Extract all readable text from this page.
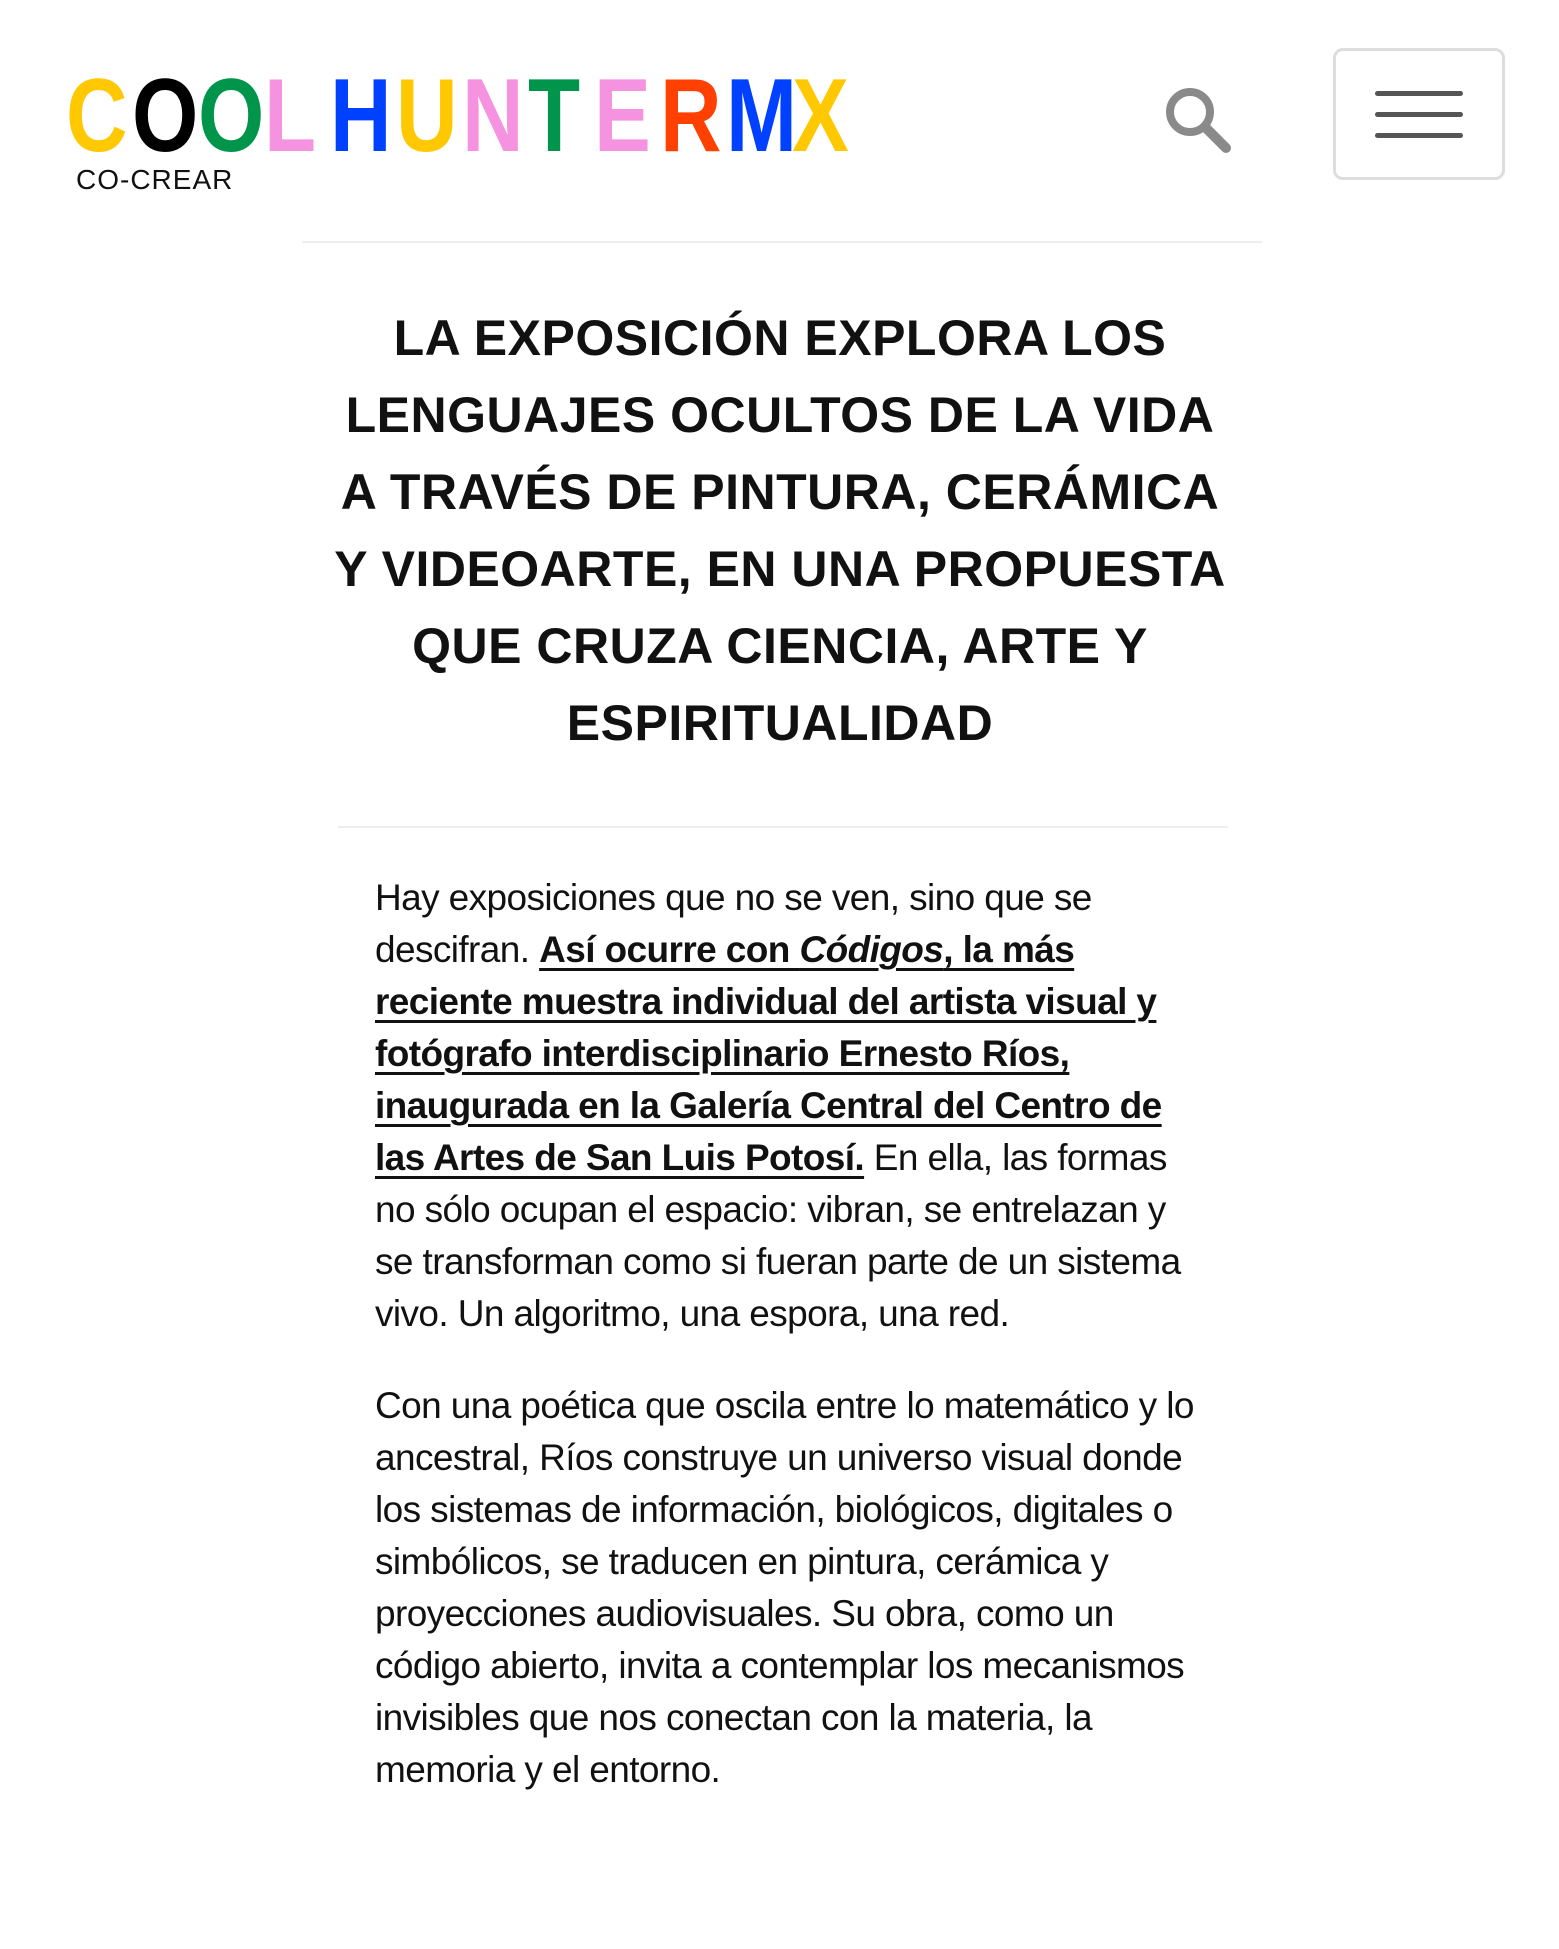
C O O L H U N T E R M
X
CO-CREAR
LA EXPOSICIÓN EXPLORA LOS LENGUAJES OCULTOS DE LA VIDA A TRAVÉS DE PINTURA, CERÁMICA Y VIDEOARTE, EN UNA PROPUESTA QUE CRUZA CIENCIA, ARTE Y ESPIRITUALIDAD

Hay exposiciones que no se ven, sino que se descifran. Así ocurre con Códigos, la más reciente muestra individual del artista visual y fotógrafo interdisciplinario Ernesto Ríos, inaugurada en la Galería Central del Centro de las Artes de San Luis Potosí. En ella, las formas no sólo ocupan el espacio: vibran, se entrelazan y se transforman como si fueran parte de un sistema vivo. Un algoritmo, una espora, una red.

Con una poética que oscila entre lo matemático y lo ancestral, Ríos construye un universo visual donde los sistemas de información, biológicos, digitales o simbólicos, se traducen en pintura, cerámica y proyecciones audiovisuales. Su obra, como un código abierto, invita a contemplar los mecanismos invisibles que nos conectan con la materia, la memoria y el entorno.
